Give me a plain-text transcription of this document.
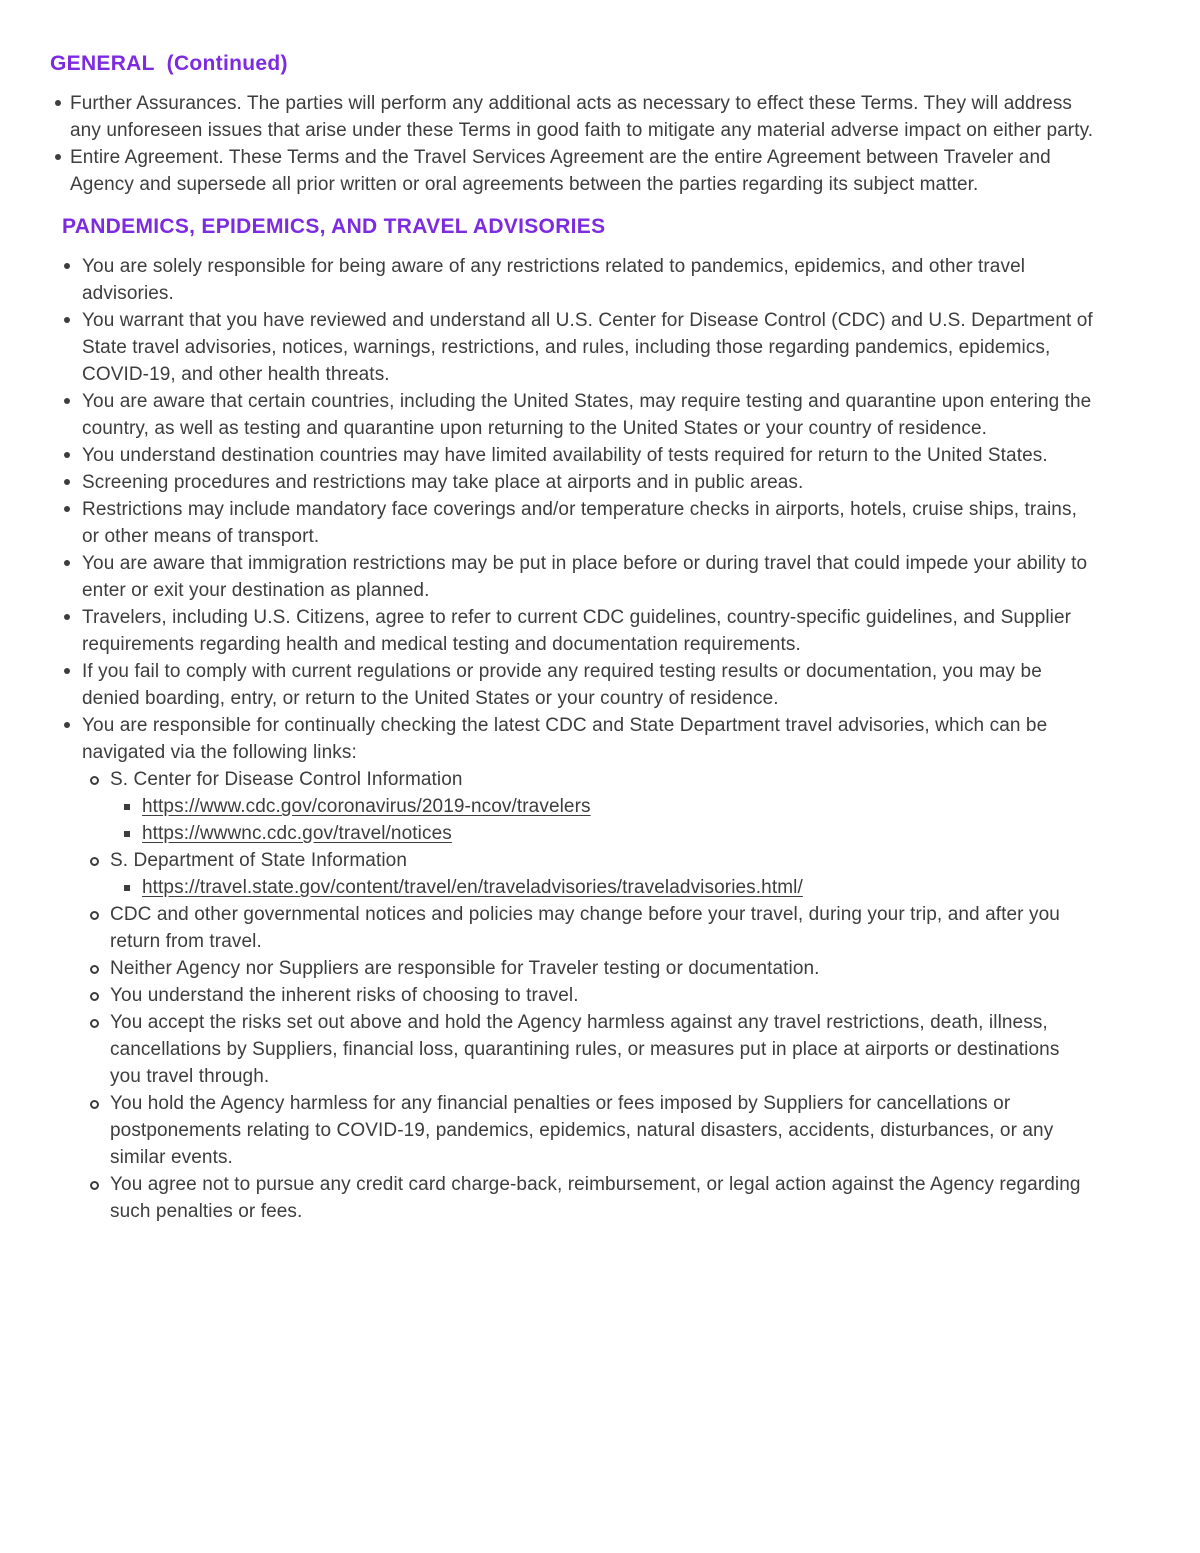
GENERAL  (Continued)
Further Assurances. The parties will perform any additional acts as necessary to effect these Terms. They will address any unforeseen issues that arise under these Terms in good faith to mitigate any material adverse impact on either party.
Entire Agreement. These Terms and the Travel Services Agreement are the entire Agreement between Traveler and Agency and supersede all prior written or oral agreements between the parties regarding its subject matter.
PANDEMICS, EPIDEMICS, AND TRAVEL ADVISORIES
You are solely responsible for being aware of any restrictions related to pandemics, epidemics, and other travel advisories.
You warrant that you have reviewed and understand all U.S. Center for Disease Control (CDC) and U.S. Department of State travel advisories, notices, warnings, restrictions, and rules, including those regarding pandemics, epidemics, COVID-19, and other health threats.
You are aware that certain countries, including the United States, may require testing and quarantine upon entering the country, as well as testing and quarantine upon returning to the United States or your country of residence.
You understand destination countries may have limited availability of tests required for return to the United States.
Screening procedures and restrictions may take place at airports and in public areas.
Restrictions may include mandatory face coverings and/or temperature checks in airports, hotels, cruise ships, trains, or other means of transport.
You are aware that immigration restrictions may be put in place before or during travel that could impede your ability to enter or exit your destination as planned.
Travelers, including U.S. Citizens, agree to refer to current CDC guidelines, country-specific guidelines, and Supplier requirements regarding health and medical testing and documentation requirements.
If you fail to comply with current regulations or provide any required testing results or documentation, you may be denied boarding, entry, or return to the United States or your country of residence.
You are responsible for continually checking the latest CDC and State Department travel advisories, which can be navigated via the following links:
S. Center for Disease Control Information
https://www.cdc.gov/coronavirus/2019-ncov/travelers
https://wwwnc.cdc.gov/travel/notices
S. Department of State Information
https://travel.state.gov/content/travel/en/traveladvisories/traveladvisories.html/
CDC and other governmental notices and policies may change before your travel, during your trip, and after you return from travel.
Neither Agency nor Suppliers are responsible for Traveler testing or documentation.
You understand the inherent risks of choosing to travel.
You accept the risks set out above and hold the Agency harmless against any travel restrictions, death, illness, cancellations by Suppliers, financial loss, quarantining rules, or measures put in place at airports or destinations you travel through.
You hold the Agency harmless for any financial penalties or fees imposed by Suppliers for cancellations or postponements relating to COVID-19, pandemics, epidemics, natural disasters, accidents, disturbances, or any similar events.
You agree not to pursue any credit card charge-back, reimbursement, or legal action against the Agency regarding such penalties or fees.
